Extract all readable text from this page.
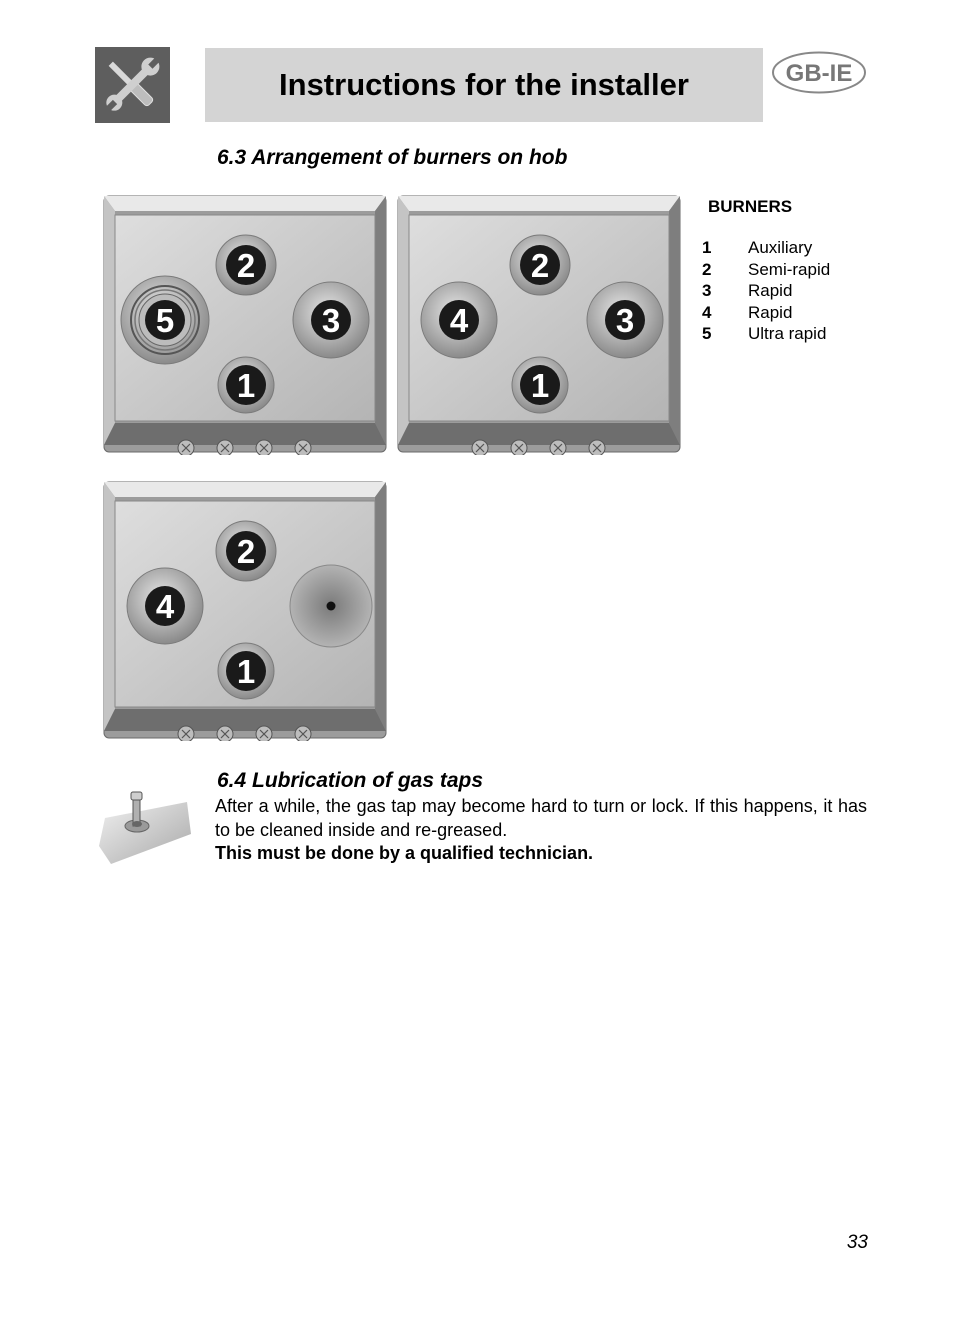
Instructions for the installer	GB-IE
6.3 Arrangement of burners on hob
2
5	3
1
2
4	3
1
2
4
1
BURNERS
1	Auxiliary
2	Semi-rapid
3	Rapid
4	Rapid
5	Ultra rapid
6.4 Lubrication of gas taps
After a while, the gas tap may become hard to turn or lock. If this happens, it has to be cleaned inside and re-greased.
This must be done by a qualified technician.
33
